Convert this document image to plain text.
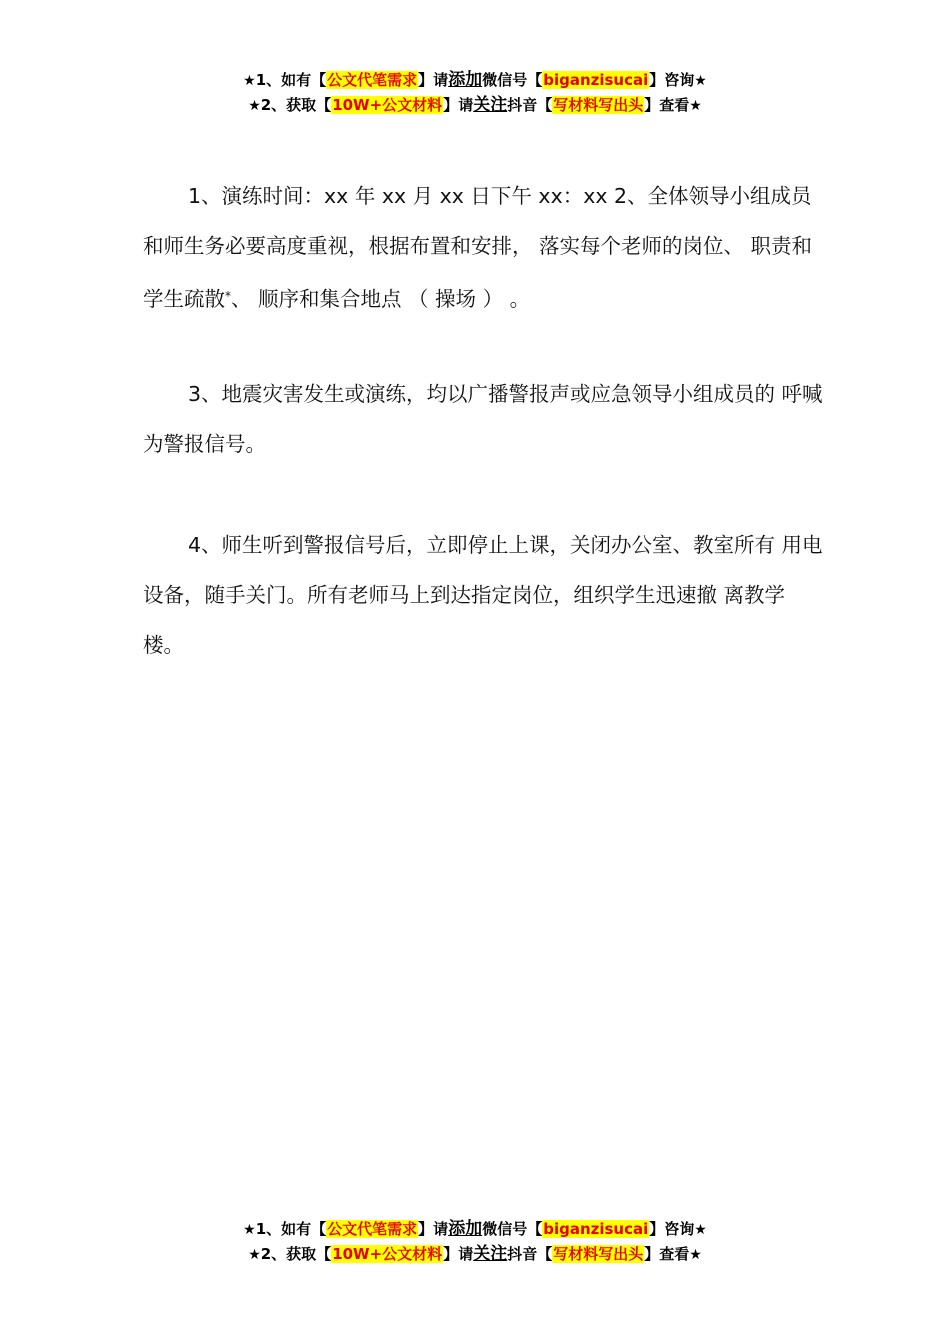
★1、如有【公文代笔需求】请添加微信号【biganzisucai】咨询★
★2、获取【10W+公文材料】请关注抖音【写材料写出头】查看★

1、演练时间：xx 年 xx 月 xx 日下午 xx：xx 2、全体领导小组成员和师生务必要高度重视，根据布置和安排， 落实每个老师的岗位、 职责和学生疏散*、 顺序和集合地点 （ 操场 ） 。

3、地震灾害发生或演练，均以广播警报声或应急领导小组成员的 呼喊为警报信号。

4、师生听到警报信号后，立即停止上课，关闭办公室、教室所有 用电设备，随手关门。所有老师马上到达指定岗位，组织学生迅速撤 离教学楼。

★1、如有【公文代笔需求】请添加微信号【biganzisucai】咨询★
★2、获取【10W+公文材料】请关注抖音【写材料写出头】查看★
